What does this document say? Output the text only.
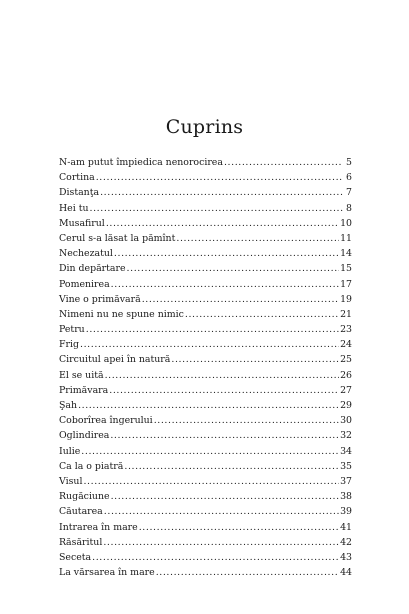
Cuprins
N-am putut împiedica nenorocirea .....	5
Cortina .....	6
Distanţa .....	7
Hei tu .....	8
Musafirul .....	10
Cerul s-a lăsat la pămînt .....	11
Nechezatul .....	14
Din depărtare .....	15
Pomenirea .....	17
Vine o primăvară .....	19
Nimeni nu ne spune nimic .....	21
Petru .....	23
Frig .....	24
Circuitul apei în natură .....	25
El se uită .....	26
Primăvara .....	27
Şah .....	29
Coborîrea îngerului .....	30
Oglindirea .....	32
Iulie .....	34
Ca la o piatră .....	35
Visul .....	37
Rugăciune .....	38
Căutarea .....	39
Intrarea în mare .....	41
Răsăritul .....	42
Seceta .....	43
La vărsarea în mare .....	44
